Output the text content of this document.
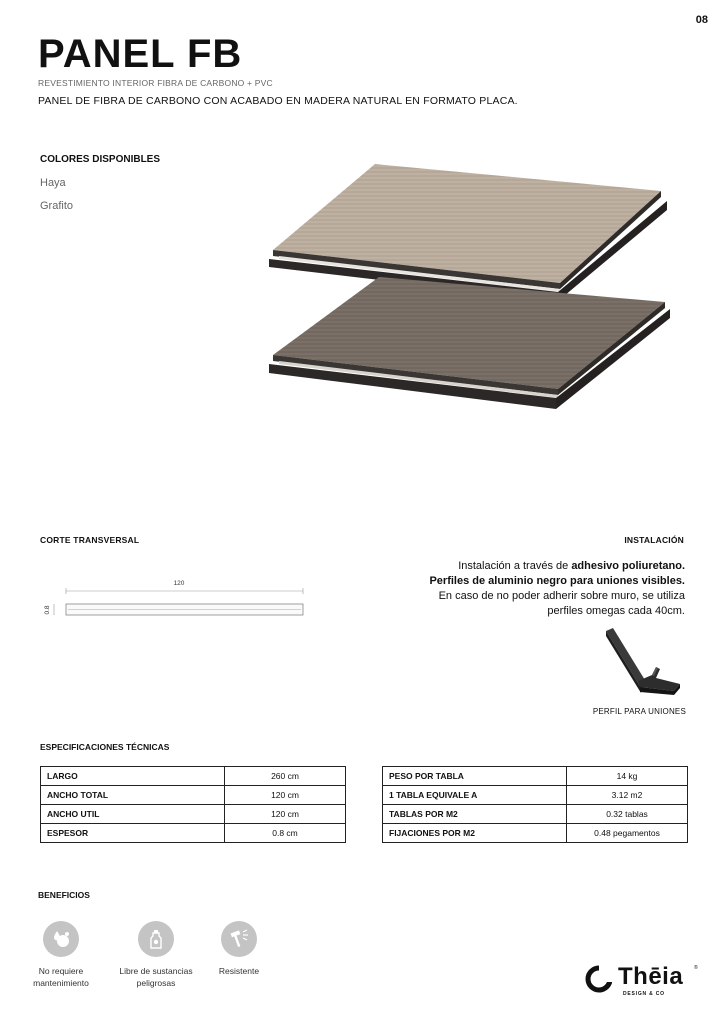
08
PANEL FB
REVESTIMIENTO INTERIOR FIBRA DE CARBONO + PVC
PANEL DE FIBRA DE CARBONO CON ACABADO EN MADERA NATURAL EN FORMATO PLACA.
COLORES DISPONIBLES
Haya
Grafito
CORTE TRANSVERSAL	INSTALACIÓN
120
0.8
Instalación a través de adhesivo poliuretano.
Perfiles de aluminio negro para uniones visibles.
En caso de no poder adherir sobre muro, se utiliza
perfiles omegas cada 40cm.
PERFIL PARA UNIONES
ESPECIFICACIONES TÉCNICAS
LARGO	260 cm
ANCHO TOTAL	120 cm
ANCHO UTIL	120 cm
ESPESOR	0.8 cm
PESO POR TABLA	14 kg
1 TABLA EQUIVALE A	3.12 m2
TABLAS POR M2	0.32 tablas
FIJACIONES POR M2	0.48 pegamentos
BENEFICIOS
No requiere
mantenimiento
Libre de sustancias
peligrosas
Resistente	Thēia
DESIGN & CO
®
